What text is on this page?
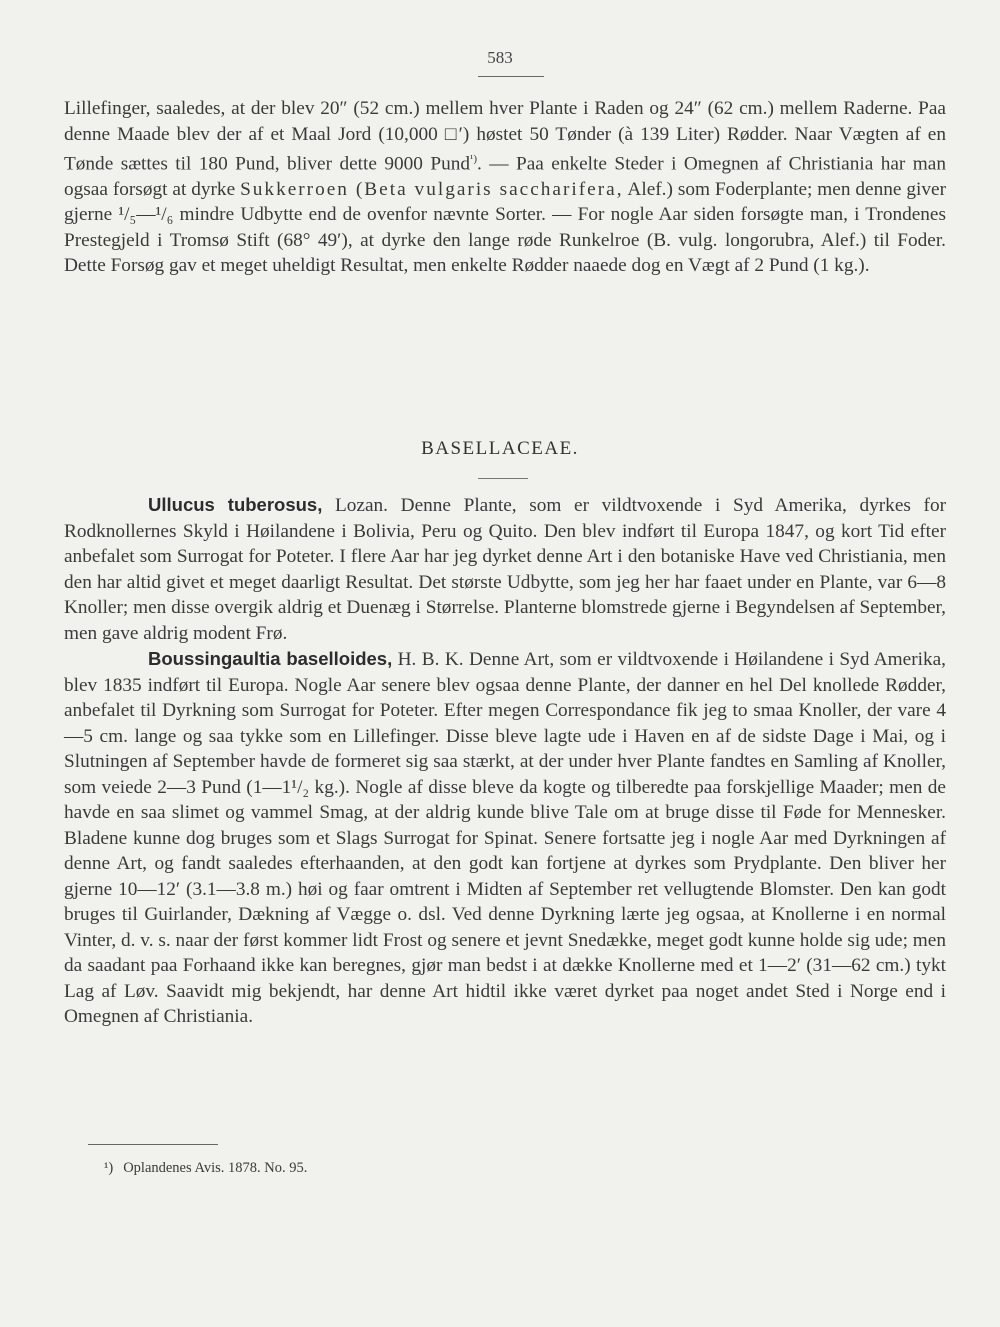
583

Lillefinger, saaledes, at der blev 20″ (52 cm.) mellem hver Plante i Raden og 24″ (62 cm.) mellem Raderne. Paa denne Maade blev der af et Maal Jord (10,000 □′) høstet 50 Tønder (à 139 Liter) Rødder. Naar Vægten af en Tønde sættes til 180 Pund, bliver dette 9000 Pund$^{^1)}$. — Paa enkelte Steder i Omegnen af Christiania har man ogsaa forsøgt at dyrke Sukkerroen (Beta vulgaris saccharifera, Alef.) som Foderplante; men denne giver gjerne ¹/₅—¹/₆ mindre Udbytte end de ovenfor nævnte Sorter. — For nogle Aar siden forsøgte man, i Trondenes Prestegjeld i Tromsø Stift (68° 49′), at dyrke den lange røde Runkelroe (B. vulg. longorubra, Alef.) til Foder. Dette Forsøg gav et meget uheldigt Resultat, men enkelte Rødder naaede dog en Vægt af 2 Pund (1 kg.).

BASELLACEAE.

Ullucus tuberosus, Lozan. Denne Plante, som er vildtvoxende i Syd Amerika, dyrkes for Rodknollernes Skyld i Høilandene i Bolivia, Peru og Quito. Den blev indført til Europa 1847, og kort Tid efter anbefalet som Surrogat for Poteter. I flere Aar har jeg dyrket denne Art i den botaniske Have ved Christiania, men den har altid givet et meget daarligt Resultat. Det største Udbytte, som jeg her har faaet under en Plante, var 6—8 Knoller; men disse overgik aldrig et Duenæg i Størrelse. Planterne blomstrede gjerne i Begyndelsen af September, men gave aldrig modent Frø.

Boussingaultia baselloides, H. B. K. Denne Art, som er vildtvoxende i Høilandene i Syd Amerika, blev 1835 indført til Europa. Nogle Aar senere blev ogsaa denne Plante, der danner en hel Del knollede Rødder, anbefalet til Dyrkning som Surrogat for Poteter. Efter megen Correspondance fik jeg to smaa Knoller, der vare 4—5 cm. lange og saa tykke som en Lillefinger. Disse bleve lagte ude i Haven en af de sidste Dage i Mai, og i Slutningen af September havde de formeret sig saa stærkt, at der under hver Plante fandtes en Samling af Knoller, som veiede 2—3 Pund (1—1¹/₂ kg.). Nogle af disse bleve da kogte og tilberedte paa forskjellige Maader; men de havde en saa slimet og vammel Smag, at der aldrig kunde blive Tale om at bruge disse til Føde for Mennesker. Bladene kunne dog bruges som et Slags Surrogat for Spinat. Senere fortsatte jeg i nogle Aar med Dyrkningen af denne Art, og fandt saaledes efterhaanden, at den godt kan fortjene at dyrkes som Prydplante. Den bliver her gjerne 10—12′ (3.1—3.8 m.) høi og faar omtrent i Midten af September ret vellugtende Blomster. Den kan godt bruges til Guirlander, Dækning af Vægge o. dsl. Ved denne Dyrkning lærte jeg ogsaa, at Knollerne i en normal Vinter, d. v. s. naar der først kommer lidt Frost og senere et jevnt Snedække, meget godt kunne holde sig ude; men da saadant paa Forhaand ikke kan beregnes, gjør man bedst i at dække Knollerne med et 1—2′ (31—62 cm.) tykt Lag af Løv. Saavidt mig bekjendt, har denne Art hidtil ikke været dyrket paa noget andet Sted i Norge end i Omegnen af Christiania.

¹) Oplandenes Avis. 1878. No. 95.
